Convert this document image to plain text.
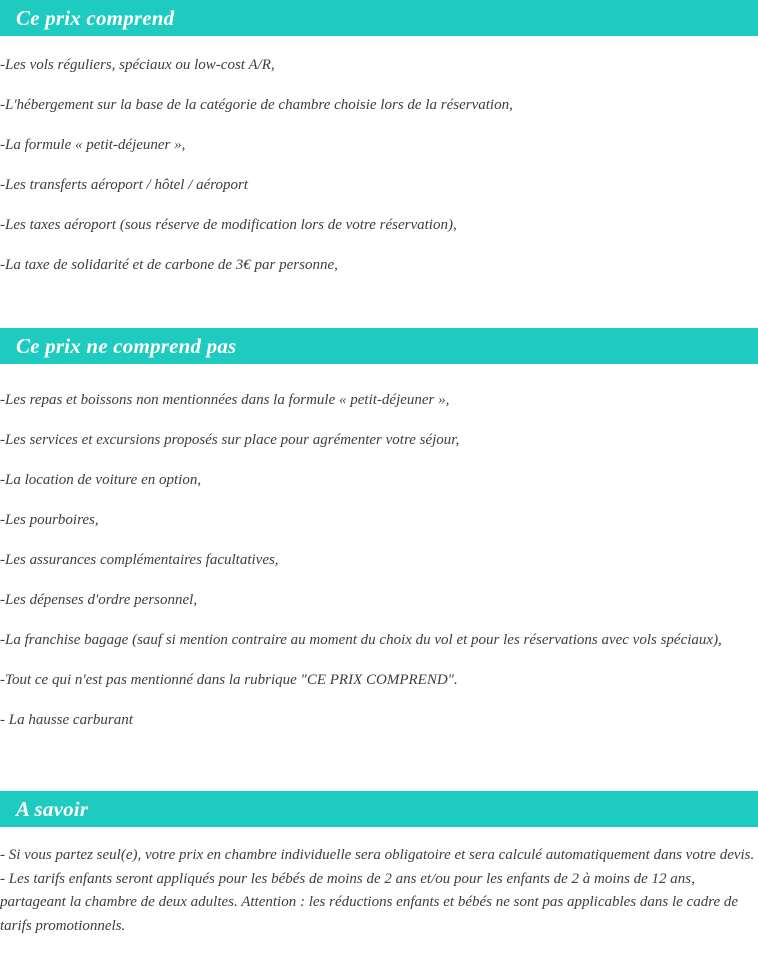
Ce prix comprend
-Les vols réguliers, spéciaux ou low-cost A/R,
-L'hébergement sur la base de la catégorie de chambre choisie lors de la réservation,
-La formule « petit-déjeuner »,
-Les transferts aéroport / hôtel / aéroport
-Les taxes aéroport (sous réserve de modification lors de votre réservation),
-La taxe de solidarité et de carbone de 3€ par personne,
Ce prix ne comprend pas
-Les repas et boissons non mentionnées dans la formule « petit-déjeuner »,
-Les services et excursions proposés sur place pour agrémenter votre séjour,
-La location de voiture en option,
-Les pourboires,
-Les assurances complémentaires facultatives,
-Les dépenses d'ordre personnel,
-La franchise bagage (sauf si mention contraire au moment du choix du vol et pour les réservations avec vols spéciaux),
-Tout ce qui n'est pas mentionné dans la rubrique "CE PRIX COMPREND".
- La hausse carburant
A savoir
- Si vous partez seul(e), votre prix en chambre individuelle sera obligatoire et sera calculé automatiquement dans votre devis.
- Les tarifs enfants seront appliqués pour les bébés de moins de 2 ans et/ou pour les enfants de 2 à moins de 12 ans, partageant la chambre de deux adultes. Attention : les réductions enfants et bébés ne sont pas applicables dans le cadre de tarifs promotionnels.
